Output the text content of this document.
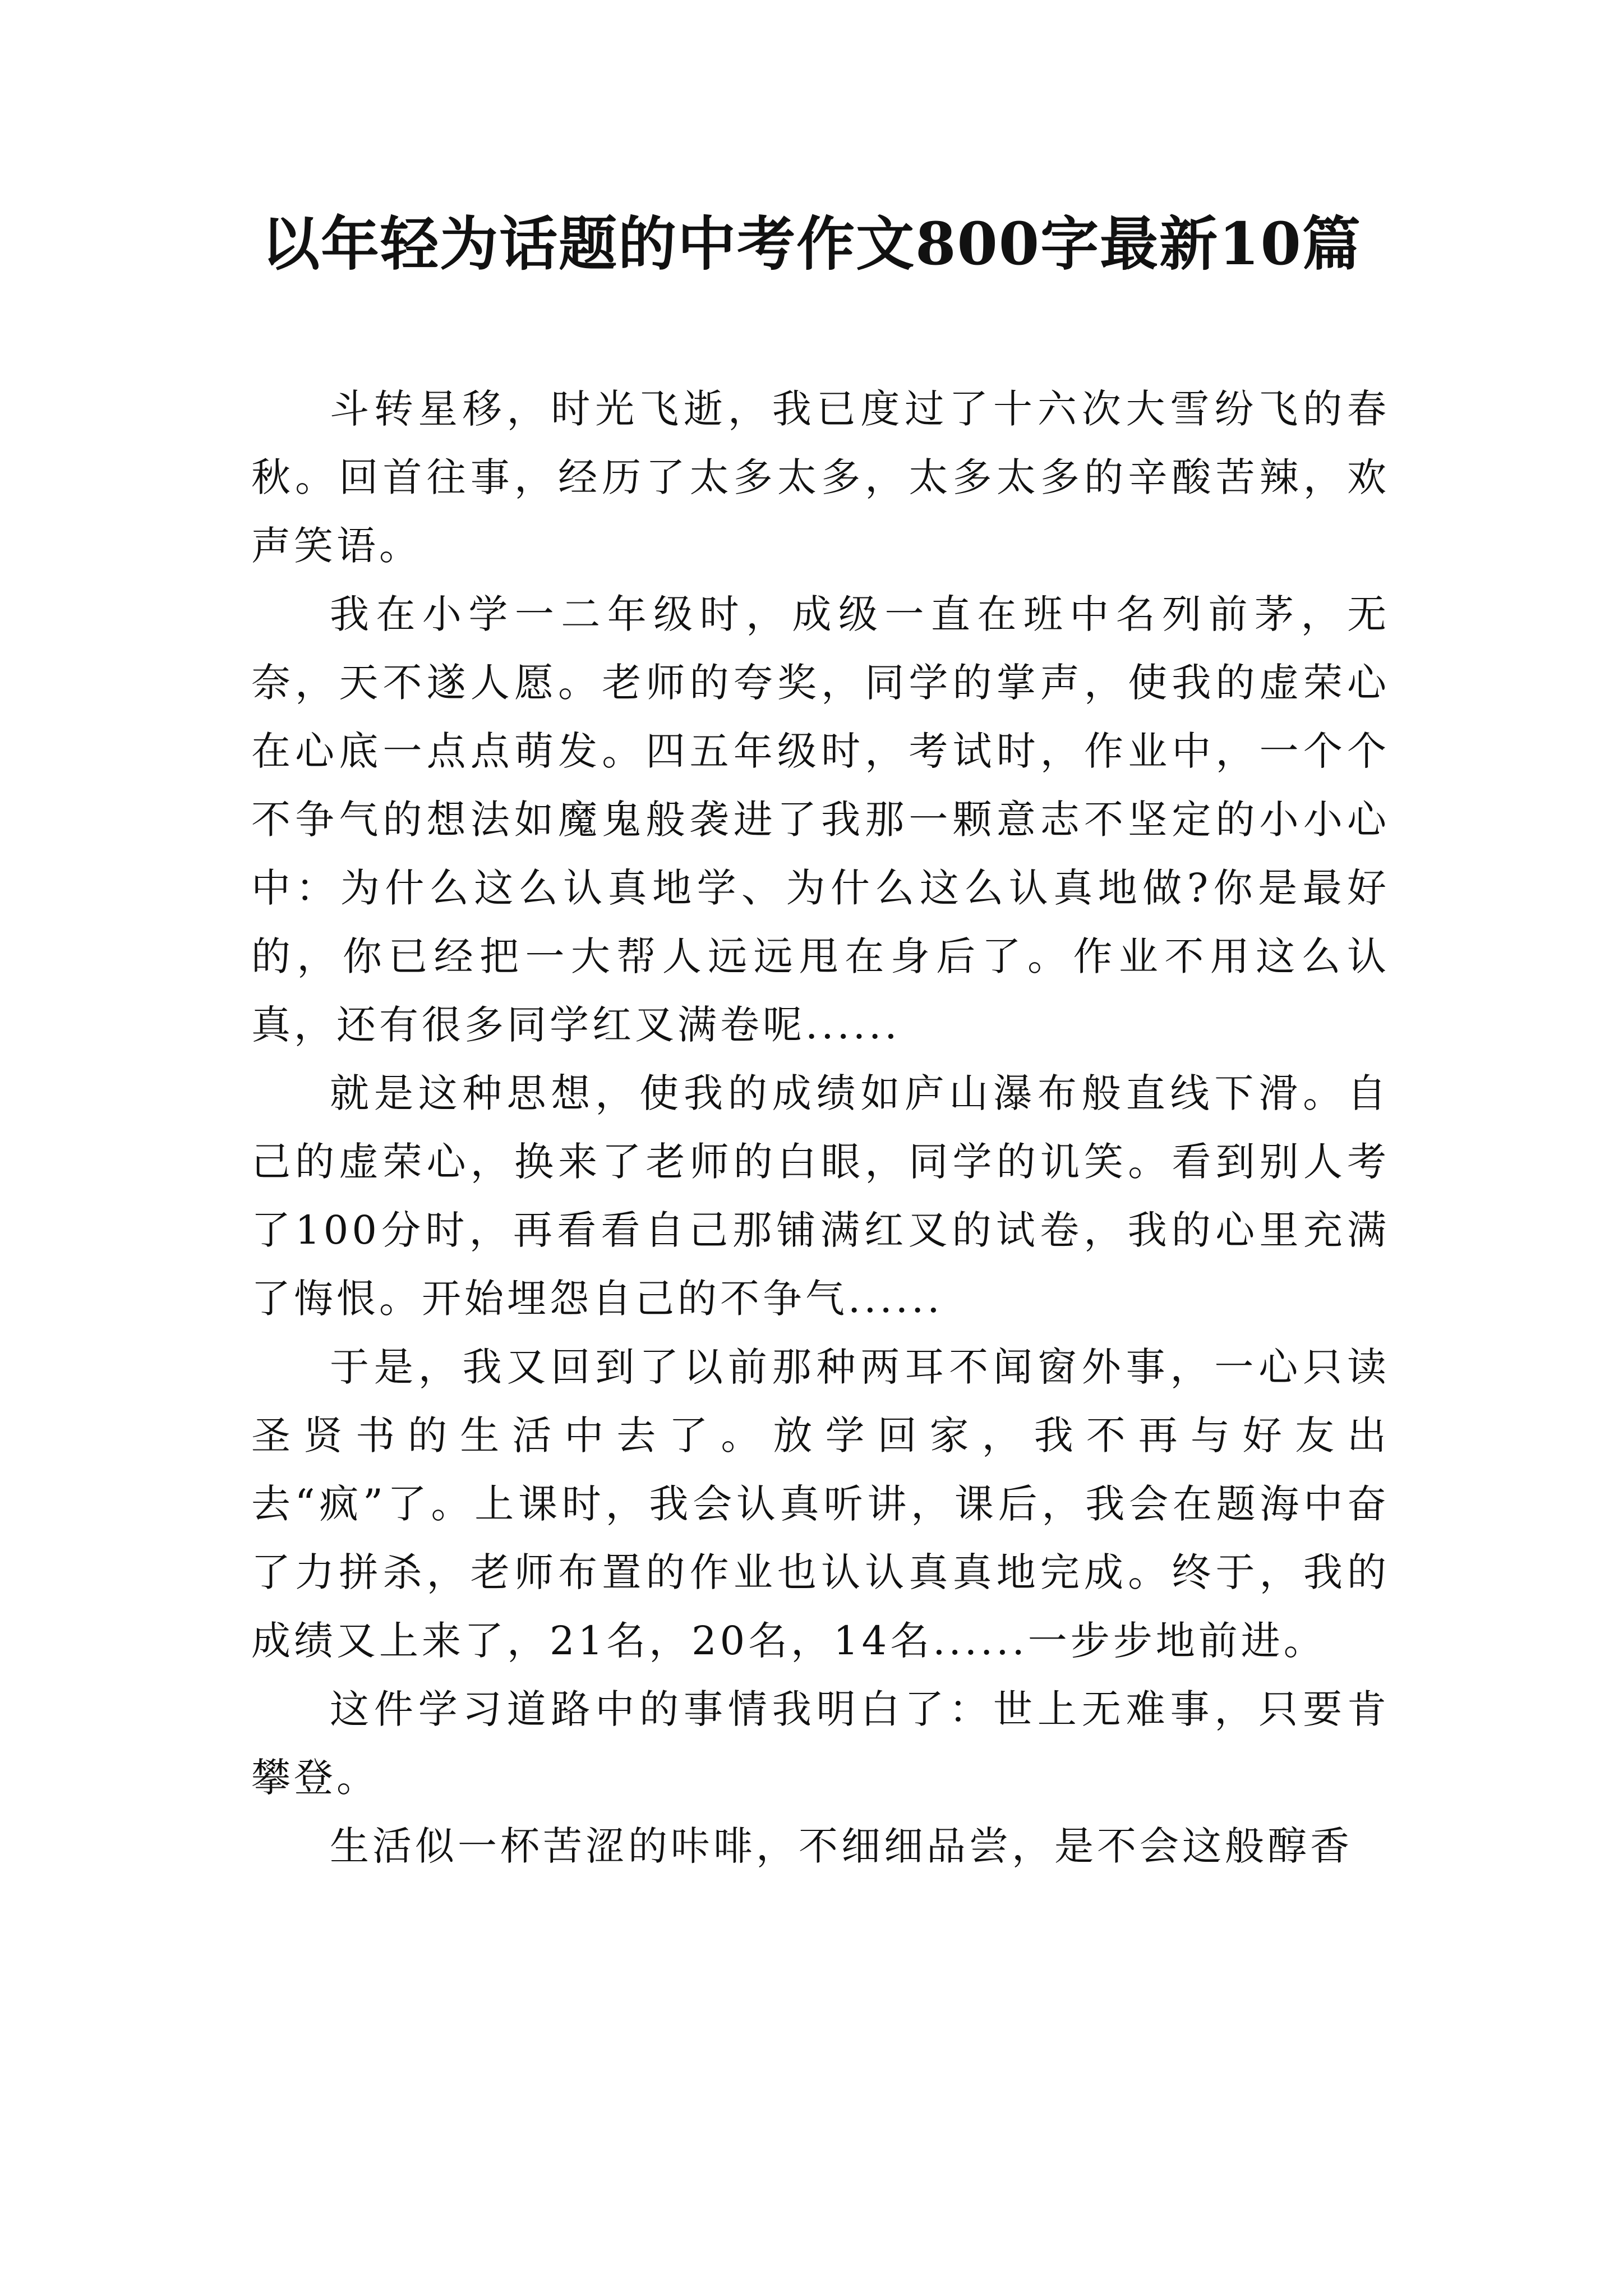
以年轻为话题的中考作文800字最新10篇

斗转星移，时光飞逝，我已度过了十六次大雪纷飞的春秋。回首往事，经历了太多太多，太多太多的辛酸苦辣，欢声笑语。

我在小学一二年级时，成级一直在班中名列前茅，无奈，天不遂人愿。老师的夸奖，同学的掌声，使我的虚荣心在心底一点点萌发。四五年级时，考试时，作业中，一个个不争气的想法如魔鬼般袭进了我那一颗意志不坚定的小小心中：为什么这么认真地学、为什么这么认真地做?你是最好的，你已经把一大帮人远远甩在身后了。作业不用这么认真，还有很多同学红叉满卷呢......

就是这种思想，使我的成绩如庐山瀑布般直线下滑。自己的虚荣心，换来了老师的白眼，同学的讥笑。看到别人考了100分时，再看看自己那铺满红叉的试卷，我的心里充满了悔恨。开始埋怨自己的不争气......

于是，我又回到了以前那种两耳不闻窗外事，一心只读圣贤书的生活中去了。放学回家，我不再与好友出去“疯”了。上课时，我会认真听讲，课后，我会在题海中奋了力拼杀，老师布置的作业也认认真真地完成。终于，我的成绩又上来了，21名，20名，14名......一步步地前进。

这件学习道路中的事情我明白了：世上无难事，只要肯攀登。

生活似一杯苦涩的咔啡，不细细品尝，是不会这般醇香
